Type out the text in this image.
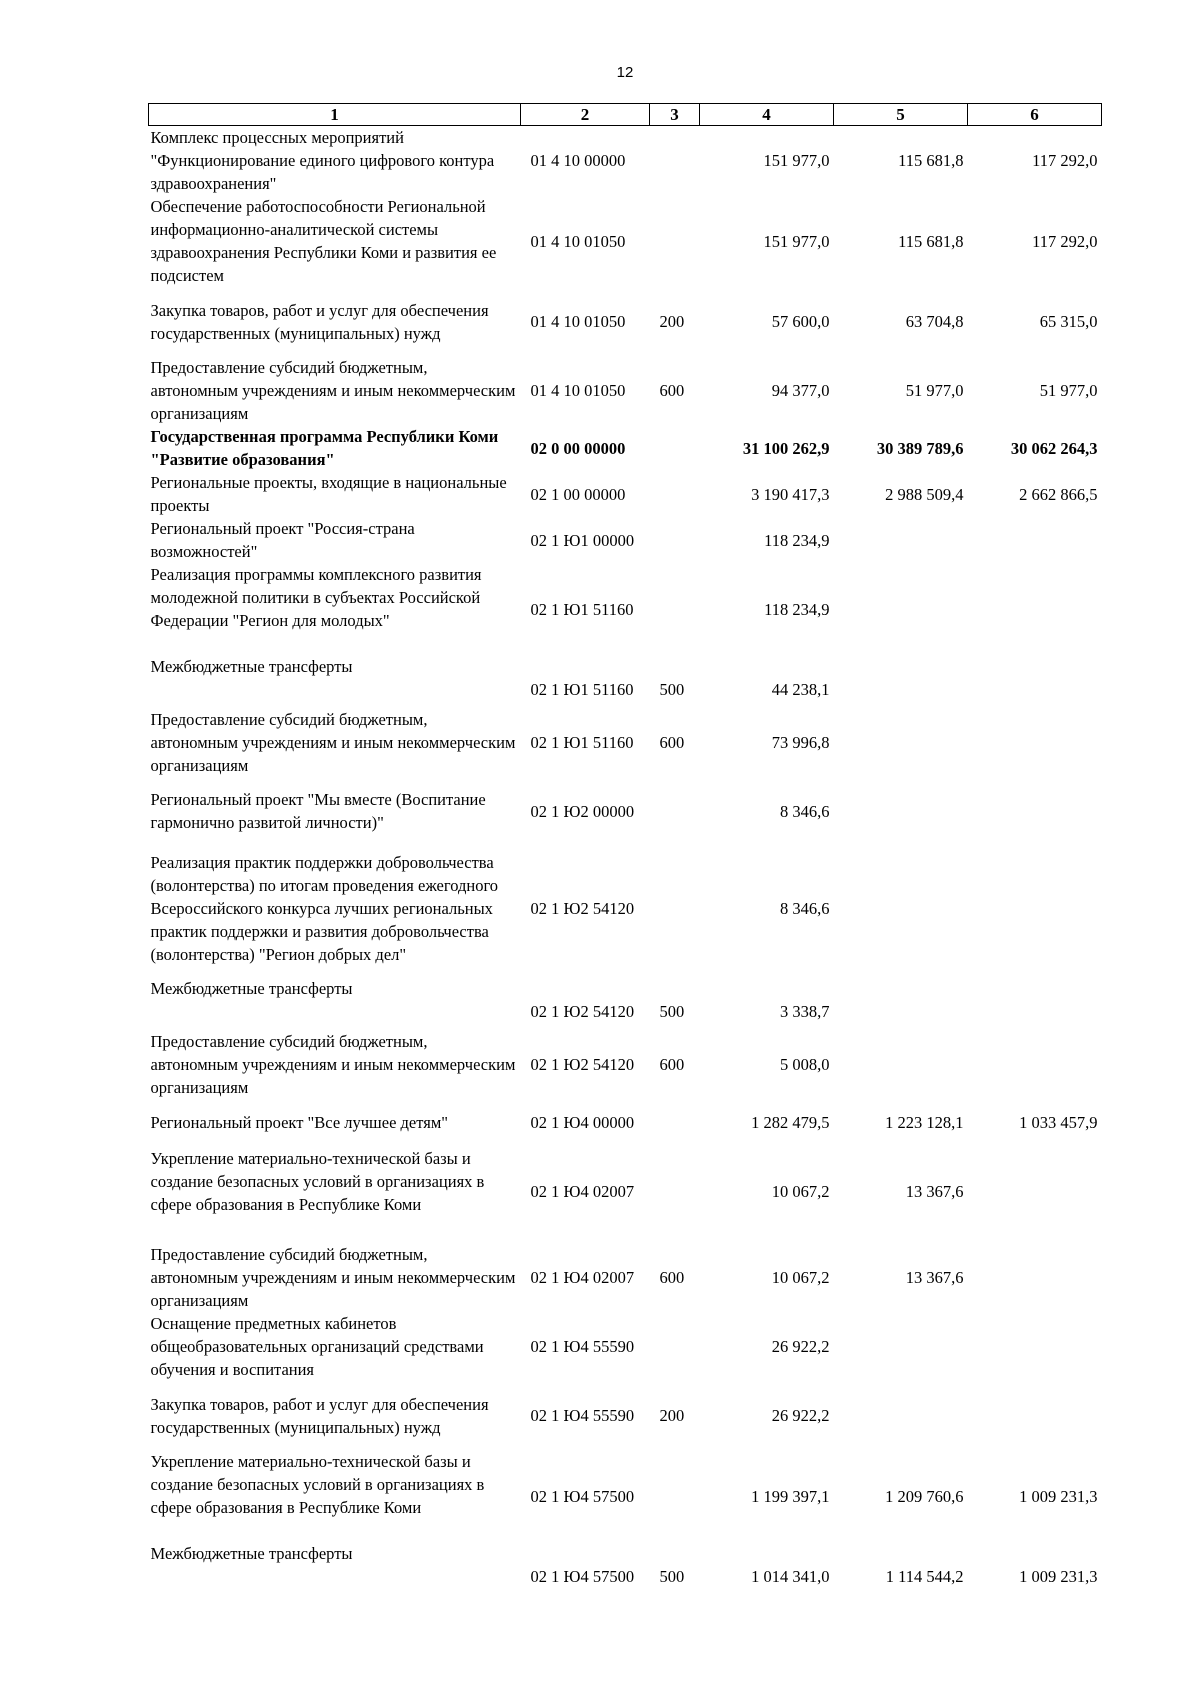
12
1	2	3	4	5	6
Комплекс процессных мероприятий "Функционирование единого цифрового контура здравоохранения"	01 4 10 00000		151 977,0	115 681,8	117 292,0
Обеспечение работоспособности Региональной информационно-аналитической системы здравоохранения Республики Коми и развития ее подсистем	01 4 10 01050		151 977,0	115 681,8	117 292,0
Закупка товаров, работ и услуг для обеспечения государственных (муниципальных) нужд	01 4 10 01050	200	57 600,0	63 704,8	65 315,0
Предоставление субсидий бюджетным, автономным учреждениям и иным некоммерческим организациям	01 4 10 01050	600	94 377,0	51 977,0	51 977,0
Государственная программа Республики Коми "Развитие образования"	02 0 00 00000		31 100 262,9	30 389 789,6	30 062 264,3
Региональные проекты, входящие в национальные проекты	02 1 00 00000		3 190 417,3	2 988 509,4	2 662 866,5
Региональный проект "Россия-страна возможностей"	02 1 Ю1 00000		118 234,9		
Реализация программы комплексного развития молодежной политики в субъектах Российской Федерации "Регион для молодых"	02 1 Ю1 51160		118 234,9		
Межбюджетные трансферты	02 1 Ю1 51160	500	44 238,1		
Предоставление субсидий бюджетным, автономным учреждениям и иным некоммерческим организациям	02 1 Ю1 51160	600	73 996,8		
Региональный проект "Мы вместе (Воспитание гармонично развитой личности)"	02 1 Ю2 00000		8 346,6		
Реализация практик поддержки добровольчества (волонтерства) по итогам проведения ежегодного Всероссийского конкурса лучших региональных практик поддержки и развития добровольчества (волонтерства) "Регион добрых дел"	02 1 Ю2 54120		8 346,6		
Межбюджетные трансферты	02 1 Ю2 54120	500	3 338,7		
Предоставление субсидий бюджетным, автономным учреждениям и иным некоммерческим организациям	02 1 Ю2 54120	600	5 008,0		
Региональный проект "Все лучшее детям"	02 1 Ю4 00000		1 282 479,5	1 223 128,1	1 033 457,9
Укрепление материально-технической базы и создание безопасных условий в организациях в сфере образования в Республике Коми	02 1 Ю4 02007		10 067,2	13 367,6	
Предоставление субсидий бюджетным, автономным учреждениям и иным некоммерческим организациям	02 1 Ю4 02007	600	10 067,2	13 367,6	
Оснащение предметных кабинетов общеобразовательных организаций средствами обучения и воспитания	02 1 Ю4 55590		26 922,2		
Закупка товаров, работ и услуг для обеспечения государственных (муниципальных) нужд	02 1 Ю4 55590	200	26 922,2		
Укрепление материально-технической базы и создание безопасных условий в организациях в сфере образования в Республике Коми	02 1 Ю4 57500		1 199 397,1	1 209 760,6	1 009 231,3
Межбюджетные трансферты	02 1 Ю4 57500	500	1 014 341,0	1 114 544,2	1 009 231,3
